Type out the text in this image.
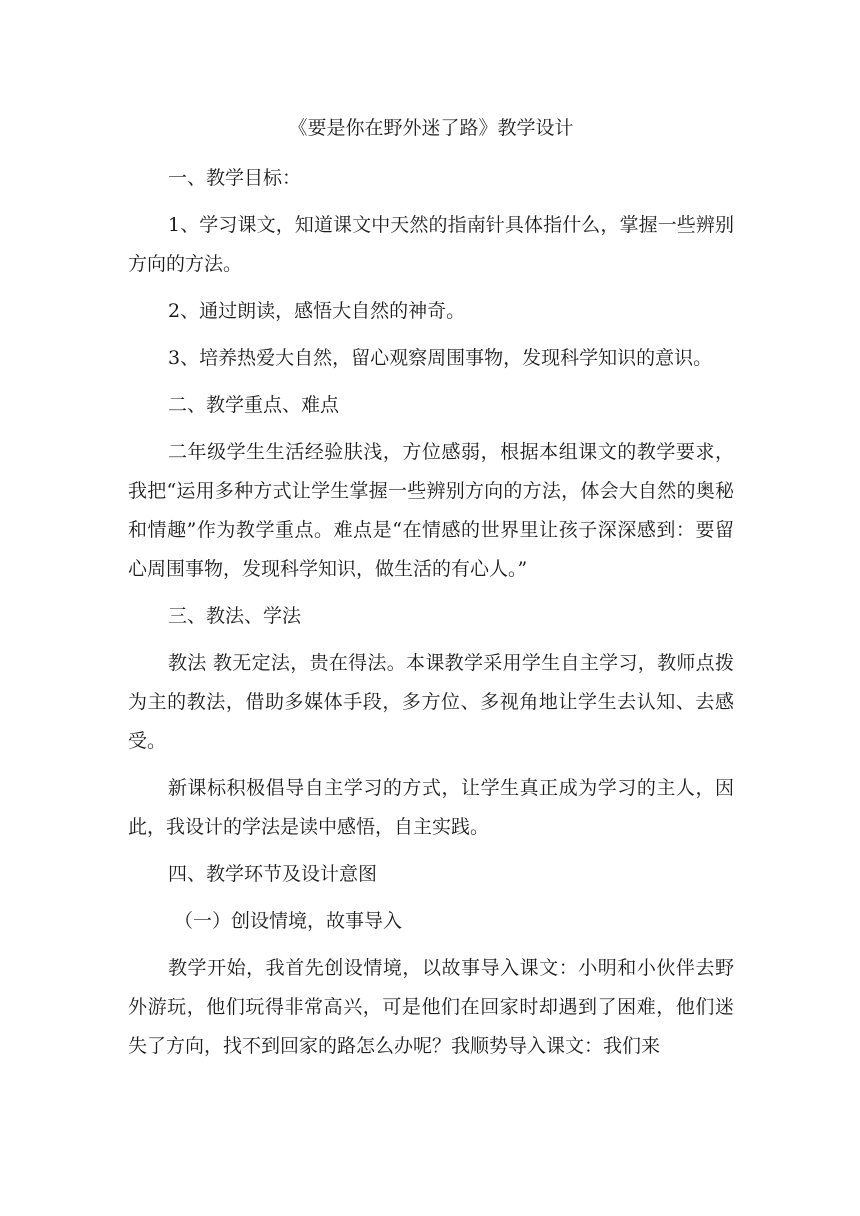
《要是你在野外迷了路》教学设计

一、教学目标：

1、学习课文，知道课文中天然的指南针具体指什么，掌握一些辨别方向的方法。

2、通过朗读，感悟大自然的神奇。

3、培养热爱大自然，留心观察周围事物，发现科学知识的意识。

二、教学重点、难点

二年级学生生活经验肤浅，方位感弱，根据本组课文的教学要求，我把“运用多种方式让学生掌握一些辨别方向的方法，体会大自然的奥秘和情趣”作为教学重点。难点是“在情感的世界里让孩子深深感到：要留心周围事物，发现科学知识，做生活的有心人。”

三、教法、学法

教法 教无定法，贵在得法。本课教学采用学生自主学习，教师点拨为主的教法，借助多媒体手段，多方位、多视角地让学生去认知、去感受。

新课标积极倡导自主学习的方式，让学生真正成为学习的主人，因此，我设计的学法是读中感悟，自主实践。

四、教学环节及设计意图

（一）创设情境，故事导入

教学开始，我首先创设情境，以故事导入课文：小明和小伙伴去野外游玩，他们玩得非常高兴，可是他们在回家时却遇到了困难，他们迷失了方向，找不到回家的路怎么办呢？我顺势导入课文：我们来
